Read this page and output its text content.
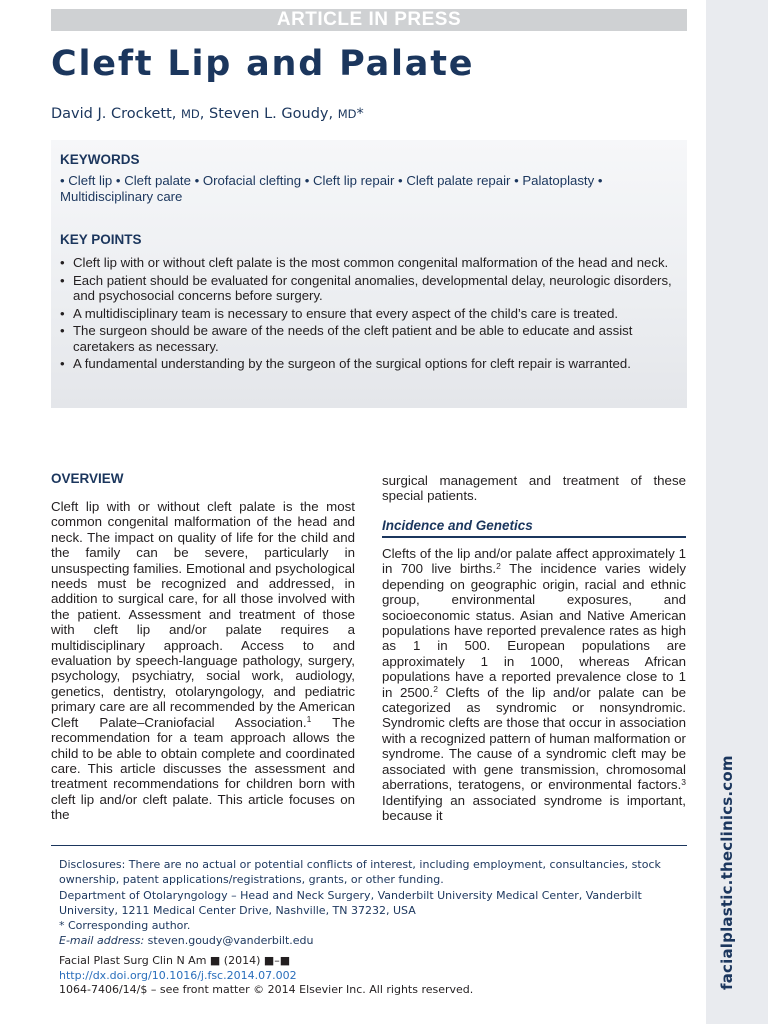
facialplastic.theclinics.com
ARTICLE IN PRESS
Cleft Lip and Palate
David J. Crockett, MD, Steven L. Goudy, MD*
KEYWORDS
• Cleft lip • Cleft palate • Orofacial clefting • Cleft lip repair • Cleft palate repair • Palatoplasty • Multidisciplinary care
KEY POINTS
• Cleft lip with or without cleft palate is the most common congenital malformation of the head and neck.
• Each patient should be evaluated for congenital anomalies, developmental delay, neurologic disorders, and psychosocial concerns before surgery.
• A multidisciplinary team is necessary to ensure that every aspect of the child’s care is treated.
• The surgeon should be aware of the needs of the cleft patient and be able to educate and assist caretakers as necessary.
• A fundamental understanding by the surgeon of the surgical options for cleft repair is warranted.
OVERVIEW

Cleft lip with or without cleft palate is the most common congenital malformation of the head and neck. The impact on quality of life for the child and the family can be severe, particularly in unsuspecting families. Emotional and psychological needs must be recognized and addressed, in addition to surgical care, for all those involved with the patient. Assessment and treatment of those with cleft lip and/or palate requires a multidisciplinary approach. Access to and evaluation by speech-language pathology, surgery, psychology, psychiatry, social work, audiology, genetics, dentistry, otolaryngology, and pediatric primary care are all recommended by the American Cleft Palate–Craniofacial Association.$^1$ The recommendation for a team approach allows the child to be able to obtain complete and coordinated care. This article discusses the assessment and treatment recommendations for children born with cleft lip and/or cleft palate. This article focuses on the

surgical management and treatment of these special patients.

Incidence and Genetics

Clefts of the lip and/or palate affect approximately 1 in 700 live births.$^2$ The incidence varies widely depending on geographic origin, racial and ethnic group, environmental exposures, and socioeconomic status. Asian and Native American populations have reported prevalence rates as high as 1 in 500. European populations are approximately 1 in 1000, whereas African populations have a reported prevalence close to 1 in 2500.$^2$ Clefts of the lip and/or palate can be categorized as syndromic or nonsyndromic. Syndromic clefts are those that occur in association with a recognized pattern of human malformation or syndrome. The cause of a syndromic cleft may be associated with gene transmission, chromosomal aberrations, teratogens, or environmental factors.$^3$ Identifying an associated syndrome is important, because it

Disclosures: There are no actual or potential conflicts of interest, including employment, consultancies, stock ownership, patent applications/registrations, grants, or other funding.

Department of Otolaryngology – Head and Neck Surgery, Vanderbilt University Medical Center, Vanderbilt University, 1211 Medical Center Drive, Nashville, TN 37232, USA

* Corresponding author.

E-mail address: steven.goudy@vanderbilt.edu

Facial Plast Surg Clin N Am ■ (2014) ■–■

http://dx.doi.org/10.1016/j.fsc.2014.07.002

1064-7406/14/$ – see front matter © 2014 Elsevier Inc. All rights reserved.
